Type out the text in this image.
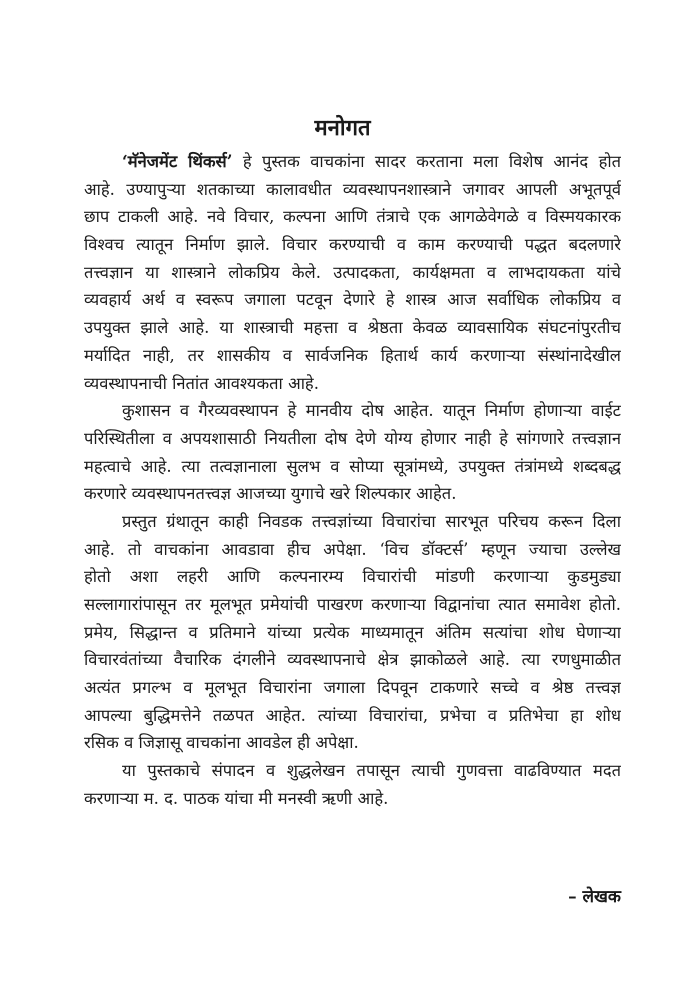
मनोगत
‘मॅनेजमेंट थिंकर्स’ हे पुस्तक वाचकांना सादर करताना मला विशेष आनंद होत
आहे. उण्यापुऱ्या शतकाच्या कालावधीत व्यवस्थापनशास्त्राने जगावर आपली अभूतपूर्व
छाप टाकली आहे. नवे विचार, कल्पना आणि तंत्राचे एक आगळेवेगळे व विस्मयकारक
विश्वच त्यातून निर्माण झाले. विचार करण्याची व काम करण्याची पद्धत बदलणारे
तत्त्वज्ञान या शास्त्राने लोकप्रिय केले. उत्पादकता, कार्यक्षमता व लाभदायकता यांचे
व्यवहार्य अर्थ व स्वरूप जगाला पटवून देणारे हे शास्त्र आज सर्वाधिक लोकप्रिय व
उपयुक्त झाले आहे. या शास्त्राची महत्ता व श्रेष्ठता केवळ व्यावसायिक संघटनांपुरतीच
मर्यादित नाही, तर शासकीय व सार्वजनिक हितार्थ कार्य करणाऱ्या संस्थांनादेखील
व्यवस्थापनाची नितांत आवश्यकता आहे.
कुशासन व गैरव्यवस्थापन हे मानवीय दोष आहेत. यातून निर्माण होणाऱ्या वाईट
परिस्थितीला व अपयशासाठी नियतीला दोष देणे योग्य होणार नाही हे सांगणारे तत्त्वज्ञान
महत्वाचे आहे. त्या तत्वज्ञानाला सुलभ व सोप्या सूत्रांमध्ये, उपयुक्त तंत्रांमध्ये शब्दबद्ध
करणारे व्यवस्थापनतत्त्वज्ञ आजच्या युगाचे खरे शिल्पकार आहेत.
प्रस्तुत ग्रंथातून काही निवडक तत्त्वज्ञांच्या विचारांचा सारभूत परिचय करून दिला
आहे. तो वाचकांना आवडावा हीच अपेक्षा. ‘विच डॉक्टर्स’ म्हणून ज्याचा उल्लेख
होतो अशा लहरी आणि कल्पनारम्य विचारांची मांडणी करणाऱ्या कुडमुड्या
सल्लागारांपासून तर मूलभूत प्रमेयांची पाखरण करणाऱ्या विद्वानांचा त्यात समावेश होतो.
प्रमेय, सिद्धान्त व प्रतिमाने यांच्या प्रत्येक माध्यमातून अंतिम सत्यांचा शोध घेणाऱ्या
विचारवंतांच्या वैचारिक दंगलीने व्यवस्थापनाचे क्षेत्र झाकोळले आहे. त्या रणधुमाळीत
अत्यंत प्रगल्भ व मूलभूत विचारांना जगाला दिपवून टाकणारे सच्चे व श्रेष्ठ तत्त्वज्ञ
आपल्या बुद्धिमत्तेने तळपत आहेत. त्यांच्या विचारांचा, प्रभेचा व प्रतिभेचा हा शोध
रसिक व जिज्ञासू वाचकांना आवडेल ही अपेक्षा.
या पुस्तकाचे संपादन व शुद्धलेखन तपासून त्याची गुणवत्ता वाढविण्यात मदत
करणाऱ्या म. द. पाठक यांचा मी मनस्वी ऋणी आहे.
– लेखक
